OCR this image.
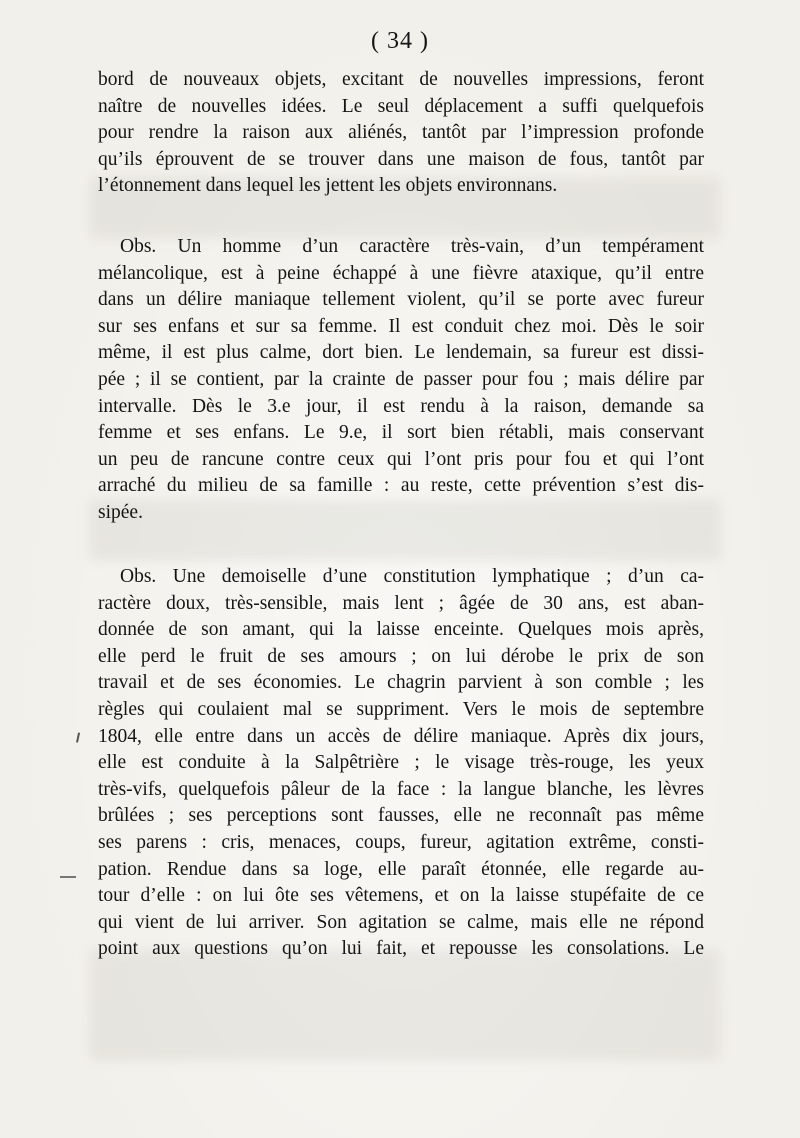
( 34 )
bord de nouveaux objets, excitant de nouvelles impressions, feront
naître de nouvelles idées. Le seul déplacement a suffi quelquefois
pour rendre la raison aux aliénés, tantôt par l’impression profonde
qu’ils éprouvent de se trouver dans une maison de fous, tantôt par
l’étonnement dans lequel les jettent les objets environnans.
Obs. Un homme d’un caractère très-vain, d’un tempérament
mélancolique, est à peine échappé à une fièvre ataxique, qu’il entre
dans un délire maniaque tellement violent, qu’il se porte avec fureur
sur ses enfans et sur sa femme. Il est conduit chez moi. Dès le soir
même, il est plus calme, dort bien. Le lendemain, sa fureur est dissi-
pée ; il se contient, par la crainte de passer pour fou ; mais délire par
intervalle. Dès le 3.e jour, il est rendu à la raison, demande sa
femme et ses enfans. Le 9.e, il sort bien rétabli, mais conservant
un peu de rancune contre ceux qui l’ont pris pour fou et qui l’ont
arraché du milieu de sa famille : au reste, cette prévention s’est dis-
sipée.
Obs. Une demoiselle d’une constitution lymphatique ; d’un ca-
ractère doux, très-sensible, mais lent ; âgée de 30 ans, est aban-
donnée de son amant, qui la laisse enceinte. Quelques mois après,
elle perd le fruit de ses amours ; on lui dérobe le prix de son
travail et de ses économies. Le chagrin parvient à son comble ; les
règles qui coulaient mal se suppriment. Vers le mois de septembre
1804, elle entre dans un accès de délire maniaque. Après dix jours,
elle est conduite à la Salpêtrière ; le visage très-rouge, les yeux
très-vifs, quelquefois pâleur de la face : la langue blanche, les lèvres
brûlées ; ses perceptions sont fausses, elle ne reconnaît pas même
ses parens : cris, menaces, coups, fureur, agitation extrême, consti-
pation. Rendue dans sa loge, elle paraît étonnée, elle regarde au-
tour d’elle : on lui ôte ses vêtemens, et on la laisse stupéfaite de ce
qui vient de lui arriver. Son agitation se calme, mais elle ne répond
point aux questions qu’on lui fait, et repousse les consolations. Le
